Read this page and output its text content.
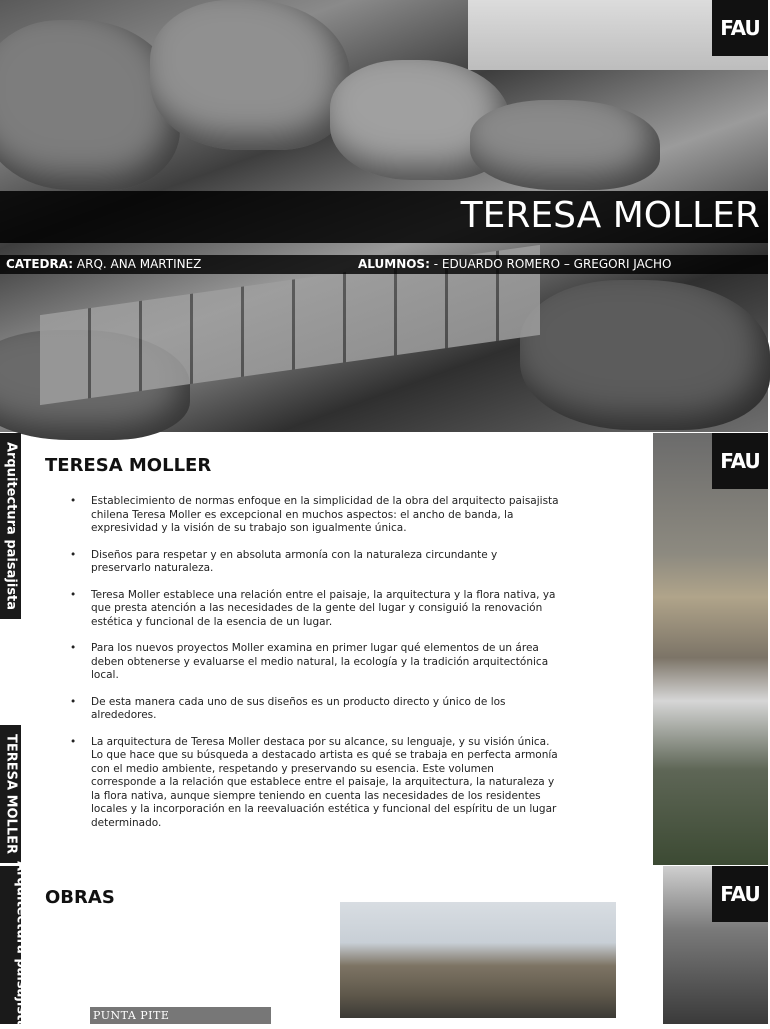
FAU
TERESA MOLLER
CATEDRA: ARQ. ANA MARTINEZ	ALUMNOS: - EDUARDO ROMERO – GREGORI JACHO
Arquitectura paisajista
TERESA MOLLER
Arquitectura paisajista
TERESA MOLLER
• Establecimiento de normas enfoque en la simplicidad de la obra del arquitecto paisajista chilena Teresa Moller es excepcional en muchos aspectos: el ancho de banda, la expresividad y la visión de su trabajo son igualmente única.
• Diseños para respetar y en absoluta armonía con la naturaleza circundante y preservarlo naturaleza.
• Teresa Moller establece una relación entre el paisaje, la arquitectura y la flora nativa, ya que presta atención a las necesidades de la gente del lugar y consiguió la renovación estética y funcional de la esencia de un lugar.
• Para los nuevos proyectos Moller examina en primer lugar qué elementos de un área deben obtenerse y evaluarse el medio natural, la ecología y la tradición arquitectónica local.
• De esta manera cada uno de sus diseños es un producto directo y único de los alrededores.
• La arquitectura de Teresa Moller destaca por su alcance, su lenguaje, y su visión única. Lo que hace que su búsqueda a destacado artista es qué se trabaja en perfecta armonía con el medio ambiente, respetando y preservando su esencia. Este volumen corresponde a la relación que establece entre el paisaje, la arquitectura, la naturaleza y la flora nativa, aunque siempre teniendo en cuenta las necesidades de los residentes locales y la incorporación en la reevaluación estética y funcional del espíritu de un lugar determinado.
FAU
OBRAS
PUNTA PITE
FAU
